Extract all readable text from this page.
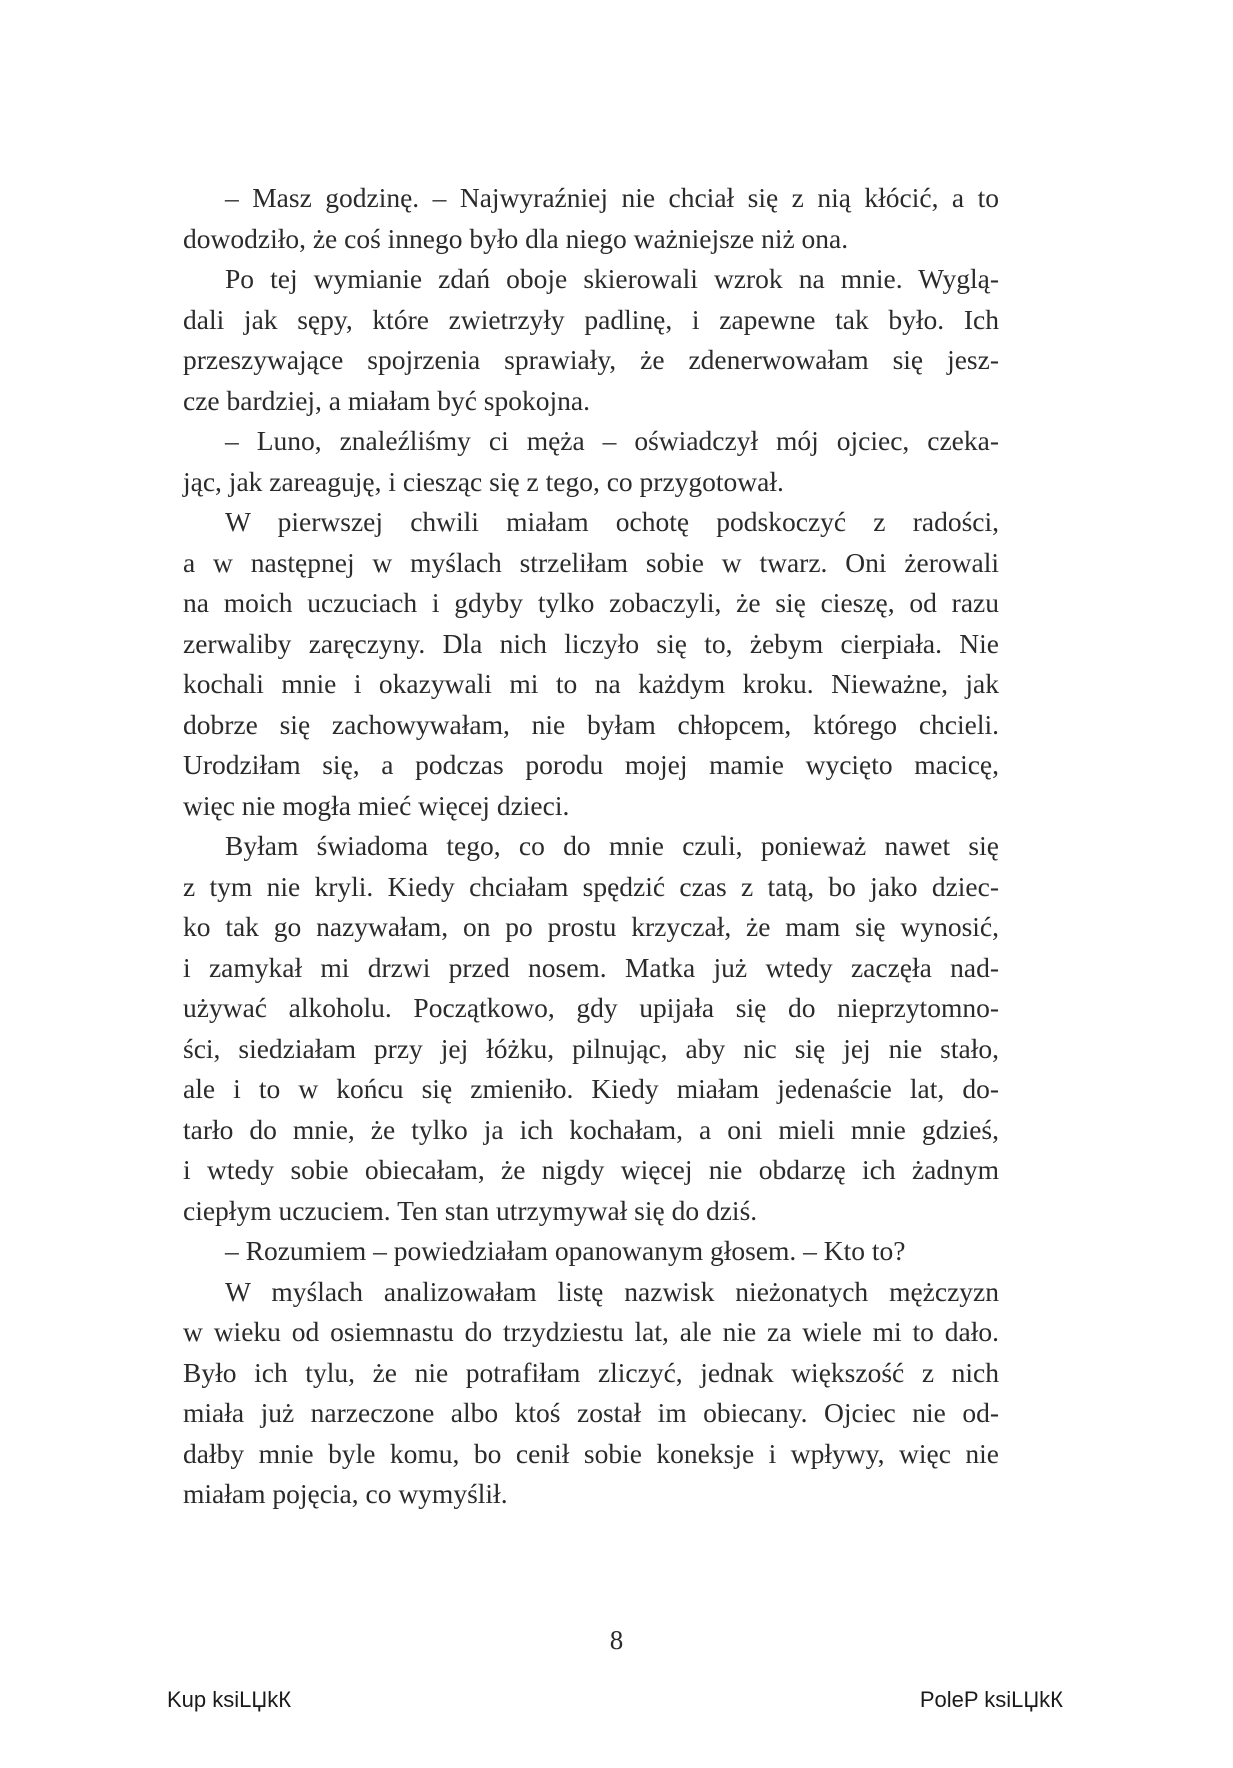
– Masz godzinę. – Najwyraźniej nie chciał się z nią kłócić, a to
dowodziło, że coś innego było dla niego ważniejsze niż ona.
Po tej wymianie zdań oboje skierowali wzrok na mnie. Wyglą-
dali jak sępy, które zwietrzyły padlinę, i zapewne tak było. Ich
przeszywające spojrzenia sprawiały, że zdenerwowałam się jesz-
cze bardziej, a miałam być spokojna.
– Luno, znaleźliśmy ci męża – oświadczył mój ojciec, czeka-
jąc, jak zareaguję, i ciesząc się z tego, co przygotował.
W pierwszej chwili miałam ochotę podskoczyć z radości,
a w następnej w myślach strzeliłam sobie w twarz. Oni żerowali
na moich uczuciach i gdyby tylko zobaczyli, że się cieszę, od razu
zerwaliby zaręczyny. Dla nich liczyło się to, żebym cierpiała. Nie
kochali mnie i okazywali mi to na każdym kroku. Nieważne, jak
dobrze się zachowywałam, nie byłam chłopcem, którego chcieli.
Urodziłam się, a podczas porodu mojej mamie wycięto macicę,
więc nie mogła mieć więcej dzieci.
Byłam świadoma tego, co do mnie czuli, ponieważ nawet się
z tym nie kryli. Kiedy chciałam spędzić czas z tatą, bo jako dziec-
ko tak go nazywałam, on po prostu krzyczał, że mam się wynosić,
i zamykał mi drzwi przed nosem. Matka już wtedy zaczęła nad-
używać alkoholu. Początkowo, gdy upijała się do nieprzytomno-
ści, siedziałam przy jej łóżku, pilnując, aby nic się jej nie stało,
ale i to w końcu się zmieniło. Kiedy miałam jedenaście lat, do-
tarło do mnie, że tylko ja ich kochałam, a oni mieli mnie gdzieś,
i wtedy sobie obiecałam, że nigdy więcej nie obdarzę ich żadnym
ciepłym uczuciem. Ten stan utrzymywał się do dziś.
– Rozumiem – powiedziałam opanowanym głosem. – Kto to?
W myślach analizowałam listę nazwisk nieżonatych mężczyzn
w wieku od osiemnastu do trzydziestu lat, ale nie za wiele mi to dało.
Było ich tylu, że nie potrafiłam zliczyć, jednak większość z nich
miała już narzeczone albo ktoś został im obiecany. Ojciec nie od-
dałby mnie byle komu, bo cenił sobie koneksje i wpływy, więc nie
miałam pojęcia, co wymyślił.
8
Kup ksiLЏkК	PoleP ksiLЏkК
